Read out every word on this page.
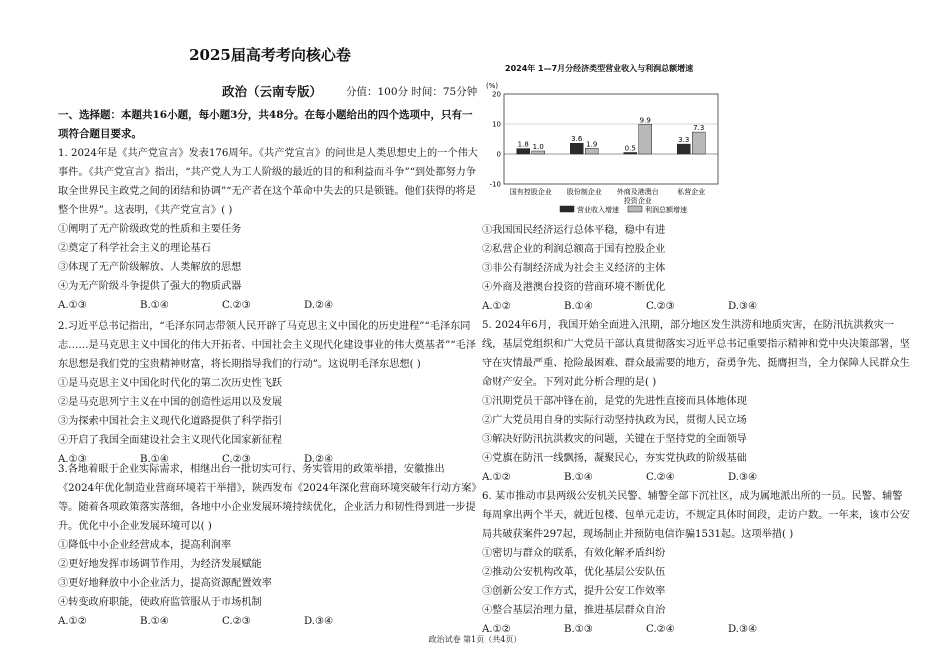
2025届高考考向核心卷
政治（云南专版） 分值：100分 时间：75分钟
一、选择题：本题共16小题，每小题3分，共48分。在每小题给出的四个选项中，只有一项符合题目要求。

1. 2024年是《共产党宣言》发表176周年。《共产党宣言》的问世是人类思想史上的一个伟大事件。《共产党宣言》指出，“共产党人为工人阶级的最近的目的和利益而斗争”“到处都努力争取全世界民主政党之间的团结和协调”“无产者在这个革命中失去的只是锁链。他们获得的将是整个世界”。这表明，《共产党宣言》( )

①阐明了无产阶级政党的性质和主要任务

②奠定了科学社会主义的理论基石

③体现了无产阶级解放、人类解放的思想

④为无产阶级斗争提供了强大的物质武器

A.①③	B.①④	C.②③	D.②④

2.习近平总书记指出，“毛泽东同志带领人民开辟了马克思主义中国化的历史进程”“毛泽东同志……是马克思主义中国化的伟大开拓者、中国社会主义现代化建设事业的伟大奠基者”“毛泽东思想是我们党的宝贵精神财富，将长期指导我们的行动”。这说明毛泽东思想( )

①是马克思主义中国化时代化的第二次历史性飞跃

②是马克思列宁主义在中国的创造性运用以及发展

③为探索中国社会主义现代化道路提供了科学指引

④开启了我国全面建设社会主义现代化国家新征程

A.①③	B.①④	C.②③	D.②④

3.各地着眼于企业实际需求，相继出台一批切实可行、务实管用的政策举措，安徽推出《2024年优化制造业营商环境若干举措》，陕西发布《2024年深化营商环境突破年行动方案》等。随着各项政策落实落细，各地中小企业发展环境持续优化，企业活力和韧性得到进一步提升。优化中小企业发展环境可以( )

①降低中小企业经营成本，提高利润率

②更好地发挥市场调节作用，为经济发展赋能

③更好地释放中小企业活力，提高资源配置效率

④转变政府职能，使政府监管服从于市场机制

A.①②	B.①④	C.②③	D.③④
2024年 1—7月分经济类型营业收入与利润总额增速
(%)
20
10
0
-10
1.8 1.0
国有控股企业
3.6
1.9
股份制企业
0.5
9.9
外商及港澳台
投资企业
3.3
7.3
私营企业
营业收入增速	利润总额增速

①我国国民经济运行总体平稳，稳中有进

②私营企业的利润总额高于国有控股企业

③非公有制经济成为社会主义经济的主体

④外商及港澳台投资的营商环境不断优化

A.①②	B.①④	C.②③	D.③④

5. 2024年6月，我国开始全面进入汛期，部分地区发生洪涝和地质灾害，在防汛抗洪救灾一线，基层党组织和广大党员干部认真贯彻落实习近平总书记重要指示精神和党中央决策部署，坚守在灾情最严重、抢险最困难、群众最需要的地方，奋勇争先、挺膺担当，全力保障人民群众生命财产安全。下列对此分析合理的是( )

①汛期党员干部冲锋在前，是党的先进性直接而具体地体现

②广大党员用自身的实际行动坚持执政为民，贯彻人民立场

③解决好防汛抗洪救灾的问题，关键在于坚持党的全面领导

④党旗在防汛一线飘扬，凝聚民心，夯实党执政的阶级基础

A.①②	B.①④	C.②④	D.③④

6. 某市推动市县两级公安机关民警、辅警全部下沉社区，成为属地派出所的一员。民警、辅警每周拿出两个半天，就近包楼、包单元走访，不规定具体时间段，走访户数。一年来，该市公安局共破获案件297起，现场制止并预防电信诈骗1531起。这项举措( )

①密切与群众的联系，有效化解矛盾纠纷

②推动公安机构改革，优化基层公安队伍

③创新公安工作方式，提升公安工作效率

④整合基层治理力量，推进基层群众自治

A.①②	B.①③	C.②④	D.③④
政治试卷 第1页（共4页）
